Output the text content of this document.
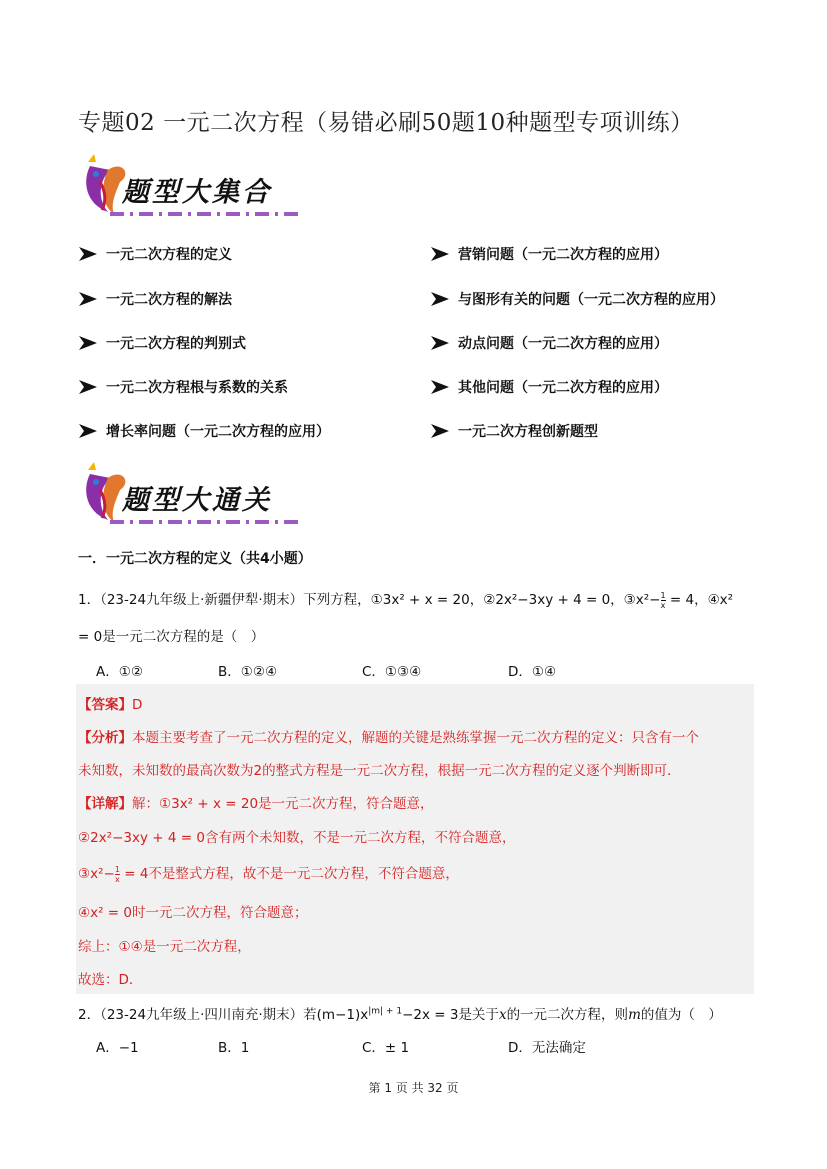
专题02 一元二次方程（易错必刷50题10种题型专项训练）
题型大集合
一元二次方程的定义
一元二次方程的解法
一元二次方程的判别式
一元二次方程根与系数的关系
增长率问题（一元二次方程的应用）
营销问题（一元二次方程的应用）
与图形有关的问题（一元二次方程的应用）
动点问题（一元二次方程的应用）
其他问题（一元二次方程的应用）
一元二次方程创新题型
题型大通关
一．一元二次方程的定义（共4小题）
1．（23-24九年级上·新疆伊犁·期末）下列方程，①3x² + x = 20，②2x²−3xy + 4 = 0，③x²− $\frac{1}{x} = 4$，④x²
= 0是一元二次方程的是（　）
A．①②	B．①②④	C．①③④	D．①④
【答案】D
【分析】本题主要考查了一元二次方程的定义，解题的关键是熟练掌握一元二次方程的定义：只含有一个
未知数，未知数的最高次数为2的整式方程是一元二次方程，根据一元二次方程的定义逐个判断即可．
【详解】解：①3x² + x = 20是一元二次方程，符合题意，
②2x²−3xy + 4 = 0含有两个未知数，不是一元二次方程，不符合题意，
③x²− $\frac{1}{x} = 4$不是整式方程，故不是一元二次方程，不符合题意，
④x² = 0时一元二次方程，符合题意；
综上：①④是一元二次方程，
故选：D．
2．（23-24九年级上·四川南充·期末）若$(m-1)x^{|m| + 1}-2x = 3$是关于x的一元二次方程，则m的值为（　）
A．−1	B．1	C．± 1	D．无法确定
第 1 页 共 32 页
